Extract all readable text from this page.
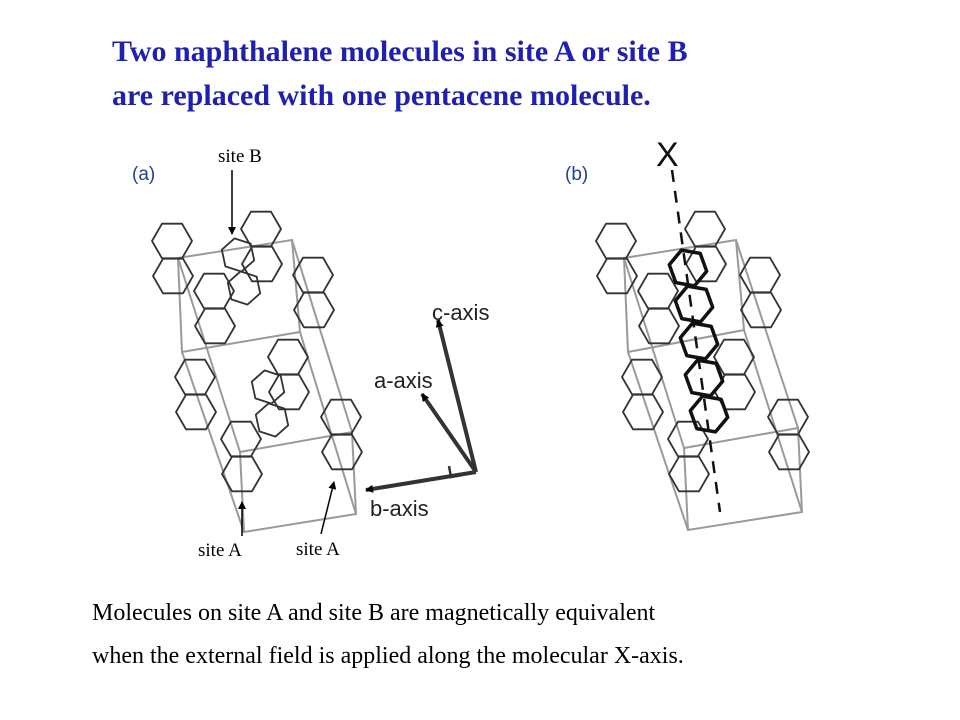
Two naphthalene molecules in site A or site B
are replaced with one pentacene molecule.
(a)
site B
site A	site A
c-axis
a-axis
b-axis
(b)
X
Molecules on site A and site B are magnetically equivalent
when the external field is applied along the molecular X-axis.
